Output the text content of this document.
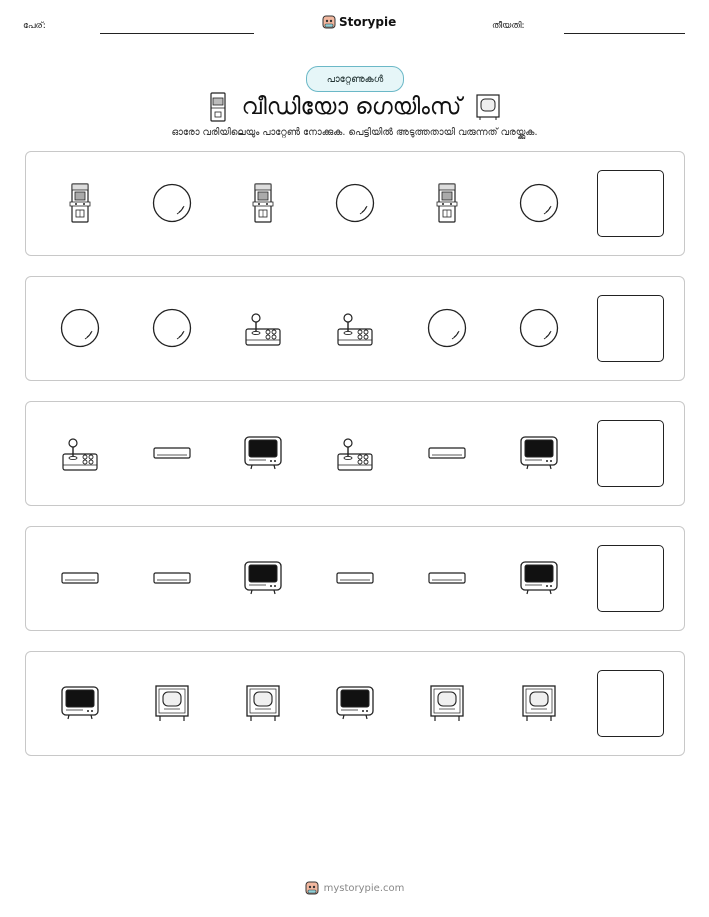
പേര്:	Storypie	തീയതി:
പാറ്റേണുകൾ
വീഡിയോ ഗെയിംസ്
ഓരോ വരിയിലെയും പാറ്റേൺ നോക്കുക. പെട്ടിയിൽ അടുത്തതായി വരുന്നത് വരയ്ക്കുക.
mystorypie.com
